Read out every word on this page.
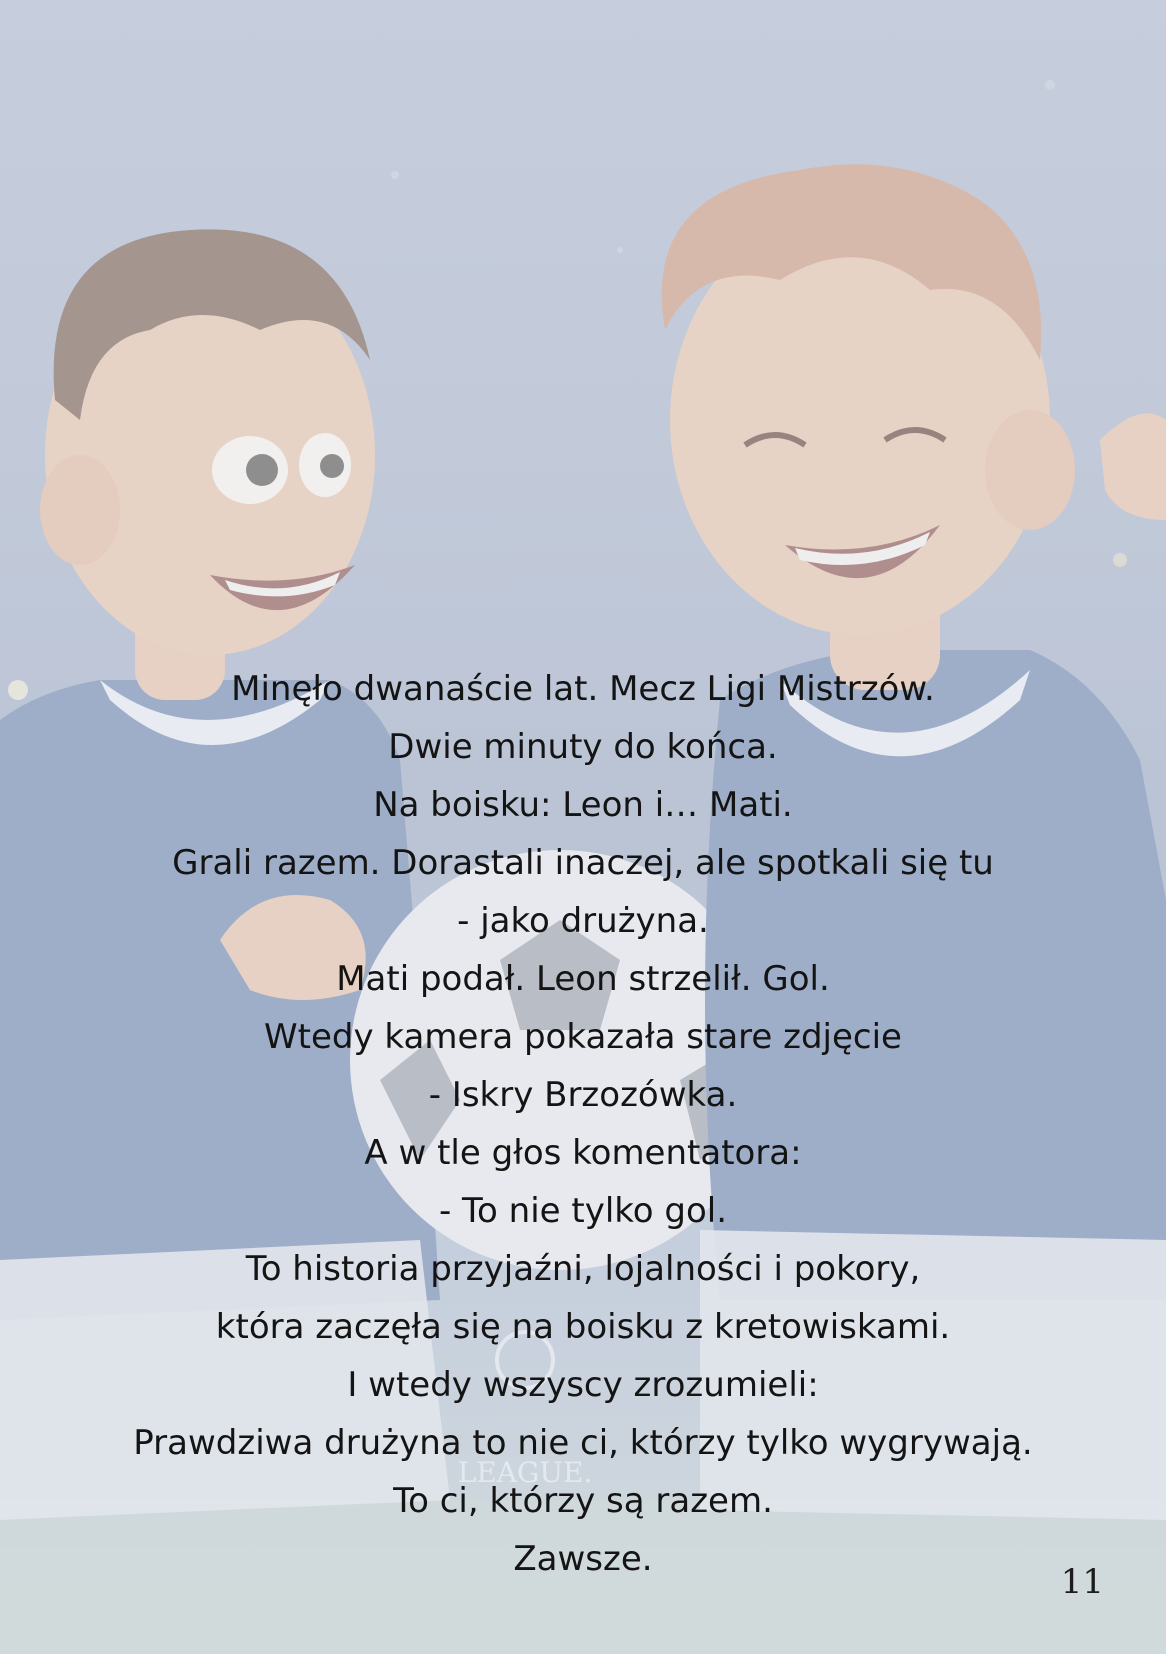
LEAGUE.
Minęło dwanaście lat. Mecz Ligi Mistrzów.
Dwie minuty do końca.
Na boisku: Leon i… Mati.
Grali razem. Dorastali inaczej, ale spotkali się tu
- jako drużyna.
Mati podał. Leon strzelił. Gol.
Wtedy kamera pokazała stare zdjęcie
- Iskry Brzozówka.
A w tle głos komentatora:
- To nie tylko gol.
To historia przyjaźni, lojalności i pokory,
która zaczęła się na boisku z kretowiskami.
I wtedy wszyscy zrozumieli:
Prawdziwa drużyna to nie ci, którzy tylko wygrywają.
To ci, którzy są razem.
Zawsze.
11
